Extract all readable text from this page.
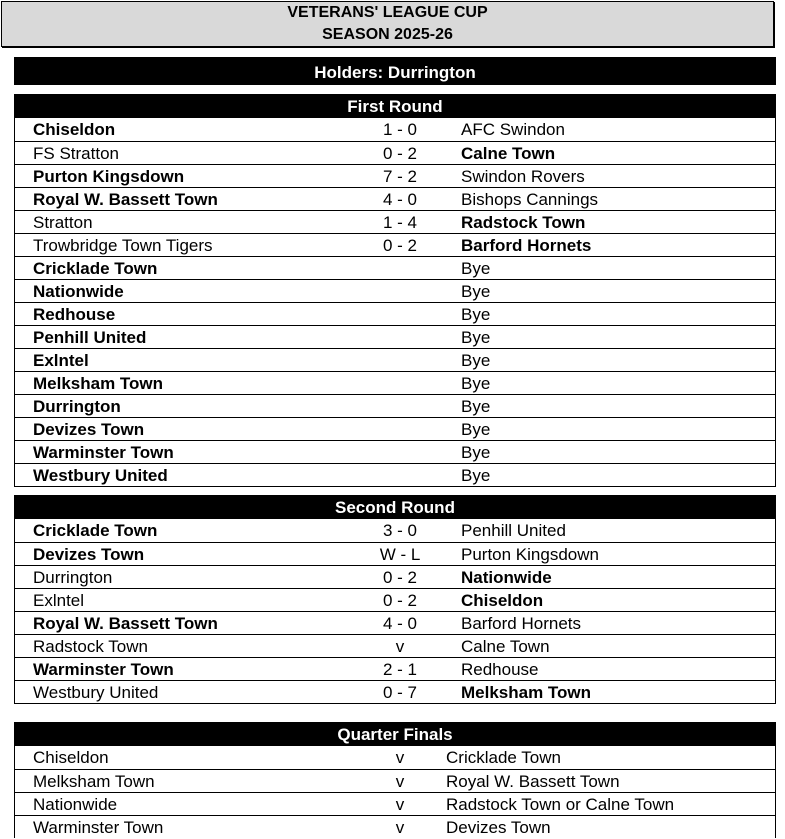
VETERANS' LEAGUE CUP
SEASON 2025-26
Holders: Durrington
First Round
Chiseldon	1 - 0	AFC Swindon
FS Stratton	0 - 2	Calne Town
Purton Kingsdown	7 - 2	Swindon Rovers
Royal W. Bassett Town	4 - 0	Bishops Cannings
Stratton	1 - 4	Radstock Town
Trowbridge Town Tigers	0 - 2	Barford Hornets
Cricklade Town	Bye
Nationwide	Bye
Redhouse	Bye
Penhill United	Bye
Exlntel	Bye
Melksham Town	Bye
Durrington	Bye
Devizes Town	Bye
Warminster Town	Bye
Westbury United	Bye
Second Round
Cricklade Town	3 - 0	Penhill United
Devizes Town	W - L	Purton Kingsdown
Durrington	0 - 2	Nationwide
Exlntel	0 - 2	Chiseldon
Royal W. Bassett Town	4 - 0	Barford Hornets
Radstock Town	v	Calne Town
Warminster Town	2 - 1	Redhouse
Westbury United	0 - 7	Melksham Town
Quarter Finals
Chiseldon	v	Cricklade Town
Melksham Town	v	Royal W. Bassett Town
Nationwide	v	Radstock Town or Calne Town
Warminster Town	v	Devizes Town
